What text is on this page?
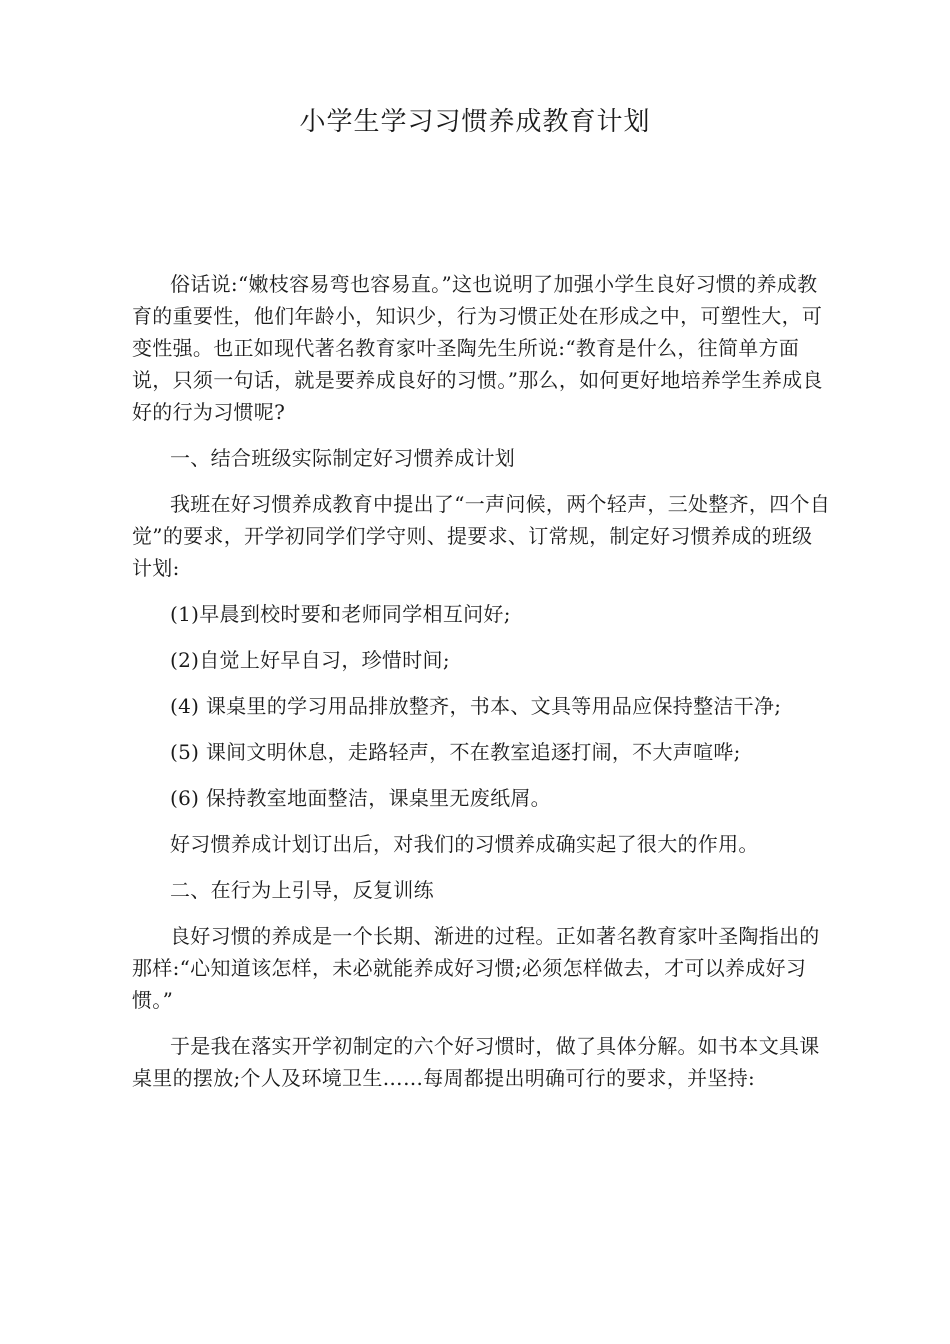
小学生学习习惯养成教育计划

俗话说:“嫩枝容易弯也容易直。”这也说明了加强小学生良好习惯的养成教育的重要性，他们年龄小，知识少，行为习惯正处在形成之中，可塑性大，可变性强。也正如现代著名教育家叶圣陶先生所说:“教育是什么，往简单方面说，只须一句话，就是要养成良好的习惯。”那么，如何更好地培养学生养成良好的行为习惯呢?

一、结合班级实际制定好习惯养成计划

我班在好习惯养成教育中提出了“一声问候，两个轻声，三处整齐，四个自觉”的要求，开学初同学们学守则、提要求、订常规，制定好习惯养成的班级计划:

(1)早晨到校时要和老师同学相互问好;

(2)自觉上好早自习，珍惜时间;

(4) 课桌里的学习用品排放整齐，书本、文具等用品应保持整洁干净;

(5) 课间文明休息，走路轻声，不在教室追逐打闹，不大声喧哗;

(6) 保持教室地面整洁，课桌里无废纸屑。

好习惯养成计划订出后，对我们的习惯养成确实起了很大的作用。

二、在行为上引导，反复训练

良好习惯的养成是一个长期、渐进的过程。正如著名教育家叶圣陶指出的那样:“心知道该怎样，未必就能养成好习惯;必须怎样做去，才可以养成好习惯。”

于是我在落实开学初制定的六个好习惯时，做了具体分解。如书本文具课桌里的摆放;个人及环境卫生……每周都提出明确可行的要求，并坚持:
